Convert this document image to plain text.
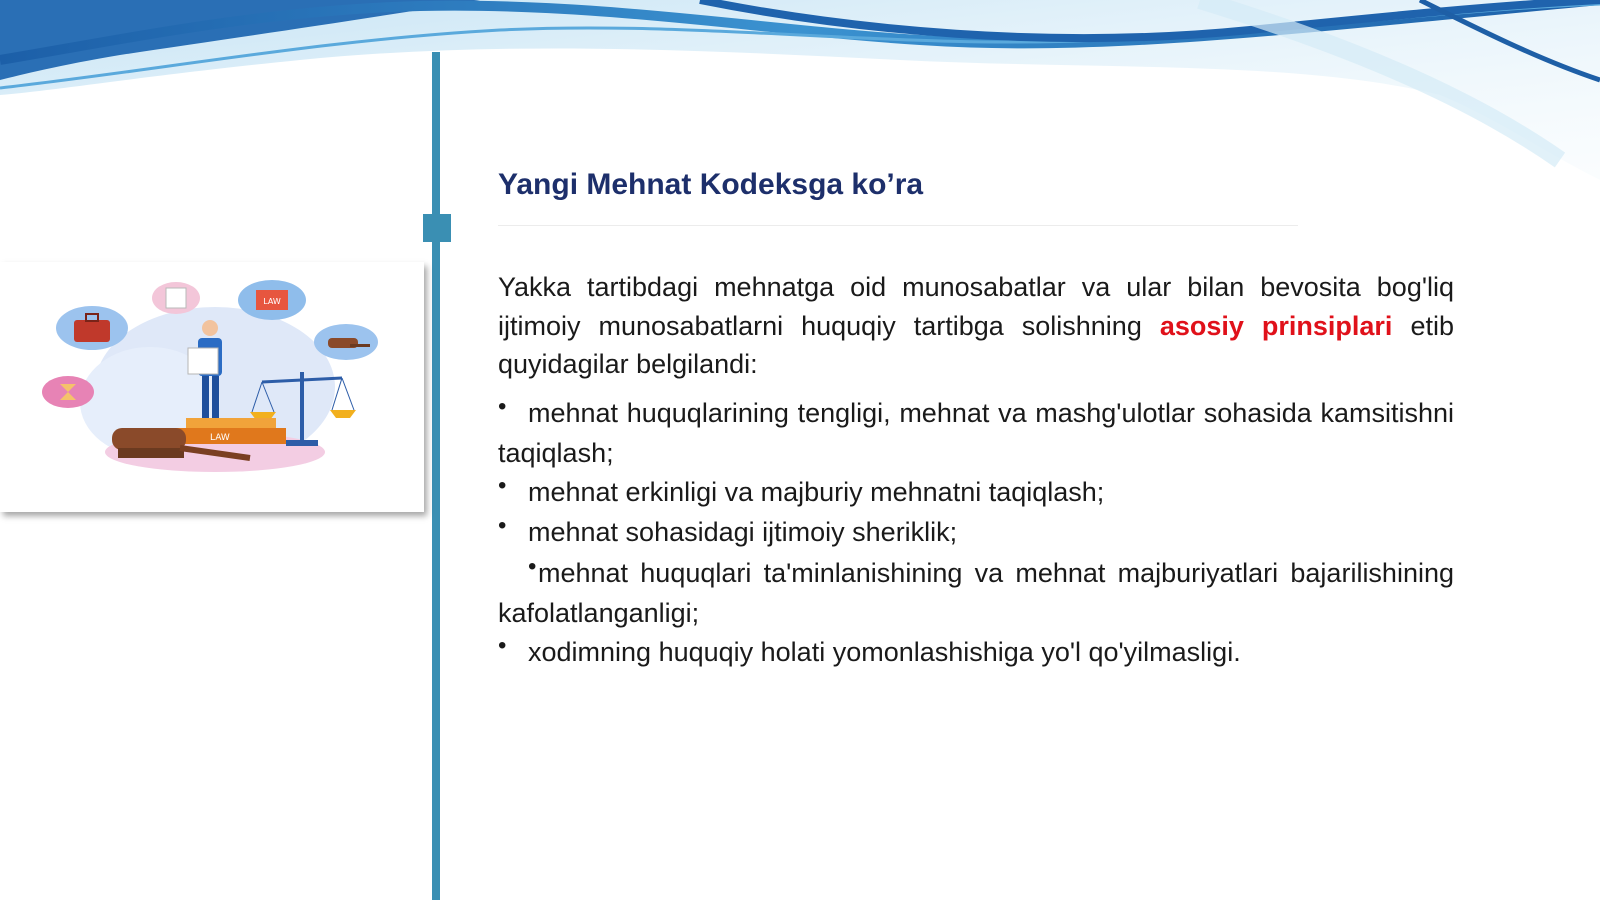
LAW
LAW
Yangi Mehnat Kodeksga ko’ra

Yakka tartibdagi mehnatga oid munosabatlar va ular bilan bevosita bog'liq ijtimoiy munosabatlarni huquqiy tartibga solishning asosiy prinsiplari etib quyidagilar belgilandi:

• mehnat huquqlarining tengligi, mehnat va mashg'ulotlar sohasida kamsitishni taqiqlash;
• mehnat erkinligi va majburiy mehnatni taqiqlash;
• mehnat sohasidagi ijtimoiy sheriklik;
•mehnat huquqlari ta'minlanishining va mehnat majburiyatlari bajarilishining kafolatlanganligi;
• xodimning huquqiy holati yomonlashishiga yo'l qo'yilmasligi.
